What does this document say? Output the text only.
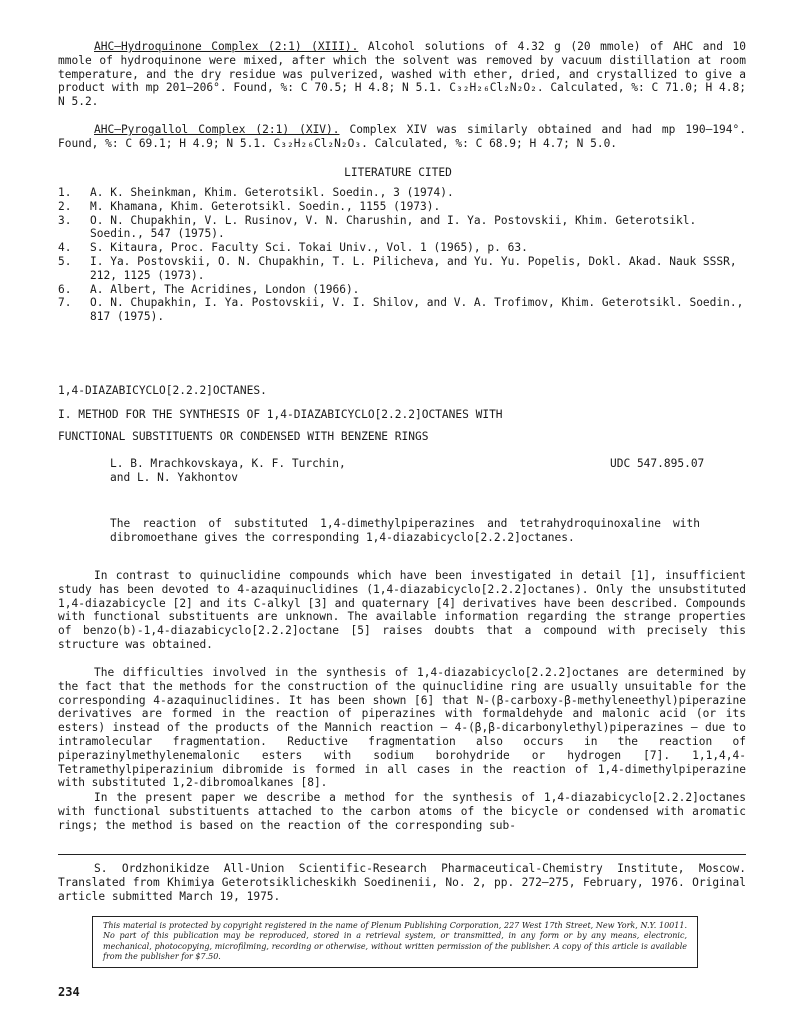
AHC–Hydroquinone Complex (2:1) (XIII). Alcohol solutions of 4.32 g (20 mmole) of AHC and 10 mmole of hydroquinone were mixed, after which the solvent was removed by vacuum distillation at room temperature, and the dry residue was pulverized, washed with ether, dried, and crystallized to give a product with mp 201–206°. Found, %: C 70.5; H 4.8; N 5.1. C₃₂H₂₆Cl₂N₂O₂. Calculated, %: C 71.0; H 4.8; N 5.2.

AHC–Pyrogallol Complex (2:1) (XIV). Complex XIV was similarly obtained and had mp 190–194°. Found, %: C 69.1; H 4.9; N 5.1. C₃₂H₂₆Cl₂N₂O₃. Calculated, %: C 68.9; H 4.7; N 5.0.

LITERATURE CITED
1.	A. K. Sheinkman, Khim. Geterotsikl. Soedin., 3 (1974).
2.	M. Khamana, Khim. Geterotsikl. Soedin., 1155 (1973).
3.	O. N. Chupakhin, V. L. Rusinov, V. N. Charushin, and I. Ya. Postovskii, Khim. Geterotsikl. Soedin., 547 (1975).
4.	S. Kitaura, Proc. Faculty Sci. Tokai Univ., Vol. 1 (1965), p. 63.
5.	I. Ya. Postovskii, O. N. Chupakhin, T. L. Pilicheva, and Yu. Yu. Popelis, Dokl. Akad. Nauk SSSR, 212, 1125 (1973).
6.	A. Albert, The Acridines, London (1966).
7.	O. N. Chupakhin, I. Ya. Postovskii, V. I. Shilov, and V. A. Trofimov, Khim. Geterotsikl. Soedin., 817 (1975).
1,4-DIAZABICYCLO[2.2.2]OCTANES.
I. METHOD FOR THE SYNTHESIS OF 1,4-DIAZABICYCLO[2.2.2]OCTANES WITH
FUNCTIONAL SUBSTITUENTS OR CONDENSED WITH BENZENE RINGS
L. B. Mrachkovskaya, K. F. Turchin,
and L. N. Yakhontov
UDC 547.895.07

The reaction of substituted 1,4-dimethylpiperazines and tetrahydroquinoxaline with dibromoethane gives the corresponding 1,4-diazabicyclo[2.2.2]octanes.

In contrast to quinuclidine compounds which have been investigated in detail [1], insufficient study has been devoted to 4-azaquinuclidines (1,4-diazabicyclo[2.2.2]octanes). Only the unsubstituted 1,4-diazabicycle [2] and its C-alkyl [3] and quaternary [4] derivatives have been described. Compounds with functional substituents are unknown. The available information regarding the strange properties of benzo(b)-1,4-diazabicyclo[2.2.2]octane [5] raises doubts that a compound with precisely this structure was obtained.

The difficulties involved in the synthesis of 1,4-diazabicyclo[2.2.2]octanes are determined by the fact that the methods for the construction of the quinuclidine ring are usually unsuitable for the corresponding 4-azaquinuclidines. It has been shown [6] that N-(β-carboxy-β-methyleneethyl)piperazine derivatives are formed in the reaction of piperazines with formaldehyde and malonic acid (or its esters) instead of the products of the Mannich reaction — 4-(β,β-dicarbonylethyl)piperazines — due to intramolecular fragmentation. Reductive fragmentation also occurs in the reaction of piperazinylmethylenemalonic esters with sodium borohydride or hydrogen [7]. 1,1,4,4-Tetramethylpiperazinium dibromide is formed in all cases in the reaction of 1,4-dimethylpiperazine with substituted 1,2-dibromoalkanes [8].

In the present paper we describe a method for the synthesis of 1,4-diazabicyclo[2.2.2]octanes with functional substituents attached to the carbon atoms of the bicycle or condensed with aromatic rings; the method is based on the reaction of the corresponding sub-

S. Ordzhonikidze All-Union Scientific-Research Pharmaceutical-Chemistry Institute, Moscow. Translated from Khimiya Geterotsiklicheskikh Soedinenii, No. 2, pp. 272–275, February, 1976. Original article submitted March 19, 1975.

This material is protected by copyright registered in the name of Plenum Publishing Corporation, 227 West 17th Street, New York, N.Y. 10011. No part of this publication may be reproduced, stored in a retrieval system, or transmitted, in any form or by any means, electronic, mechanical, photocopying, microfilming, recording or otherwise, without written permission of the publisher. A copy of this article is available from the publisher for $7.50.
234
